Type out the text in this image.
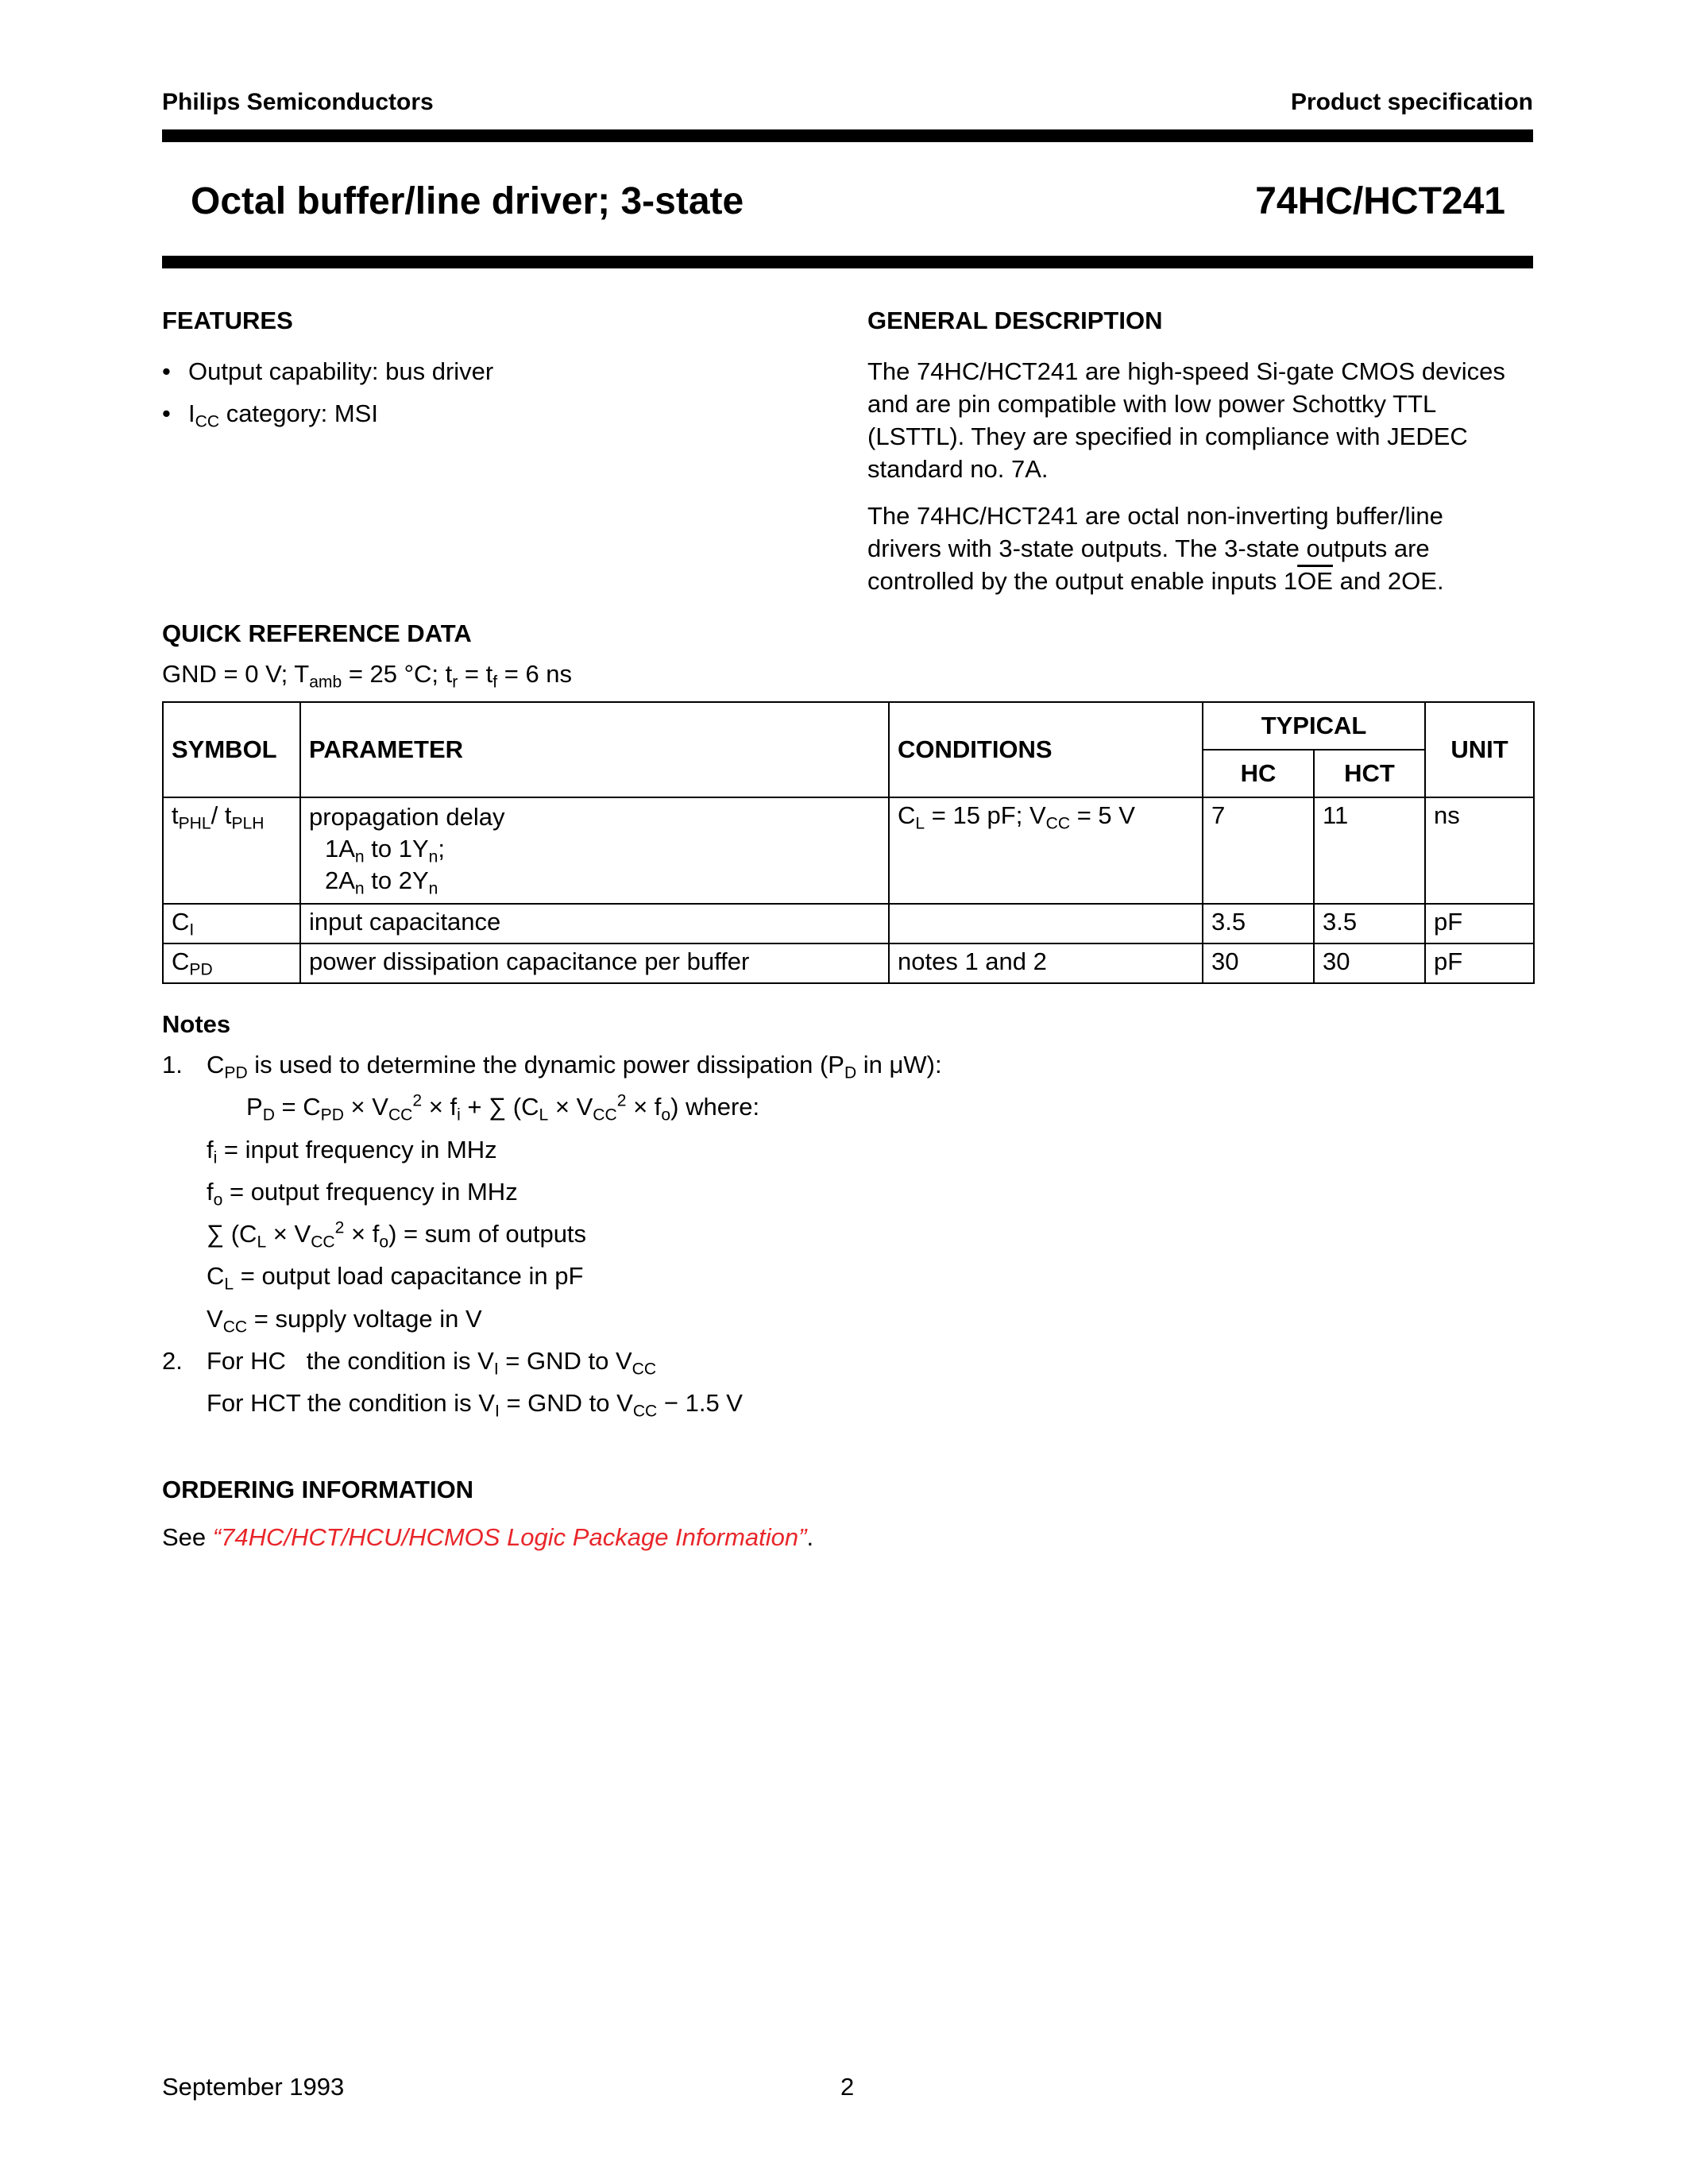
Philips Semiconductors	Product specification
Octal buffer/line driver; 3-state	74HC/HCT241
FEATURES
• Output capability: bus driver
• $I_{CC}$ category: MSI
GENERAL DESCRIPTION
The 74HC/HCT241 are high-speed Si-gate CMOS devices
and are pin compatible with low power Schottky TTL
(LSTTL). They are specified in compliance with JEDEC
standard no. 7A.
The 74HC/HCT241 are octal non-inverting buffer/line
drivers with 3-state outputs. The 3-state outputs are
controlled by the output enable inputs $1\overline{OE}$ and 2OE.
QUICK REFERENCE DATA
GND = 0 V; $T_{amb} = 25$ °C; $t_r = t_f = 6$ ns
SYMBOL	PARAMETER	CONDITIONS	TYPICAL		UNIT
			HC	HCT	
$t_{PHL}/$ $t_{PLH}$	propagation delay
$1A_n$ to $1Y_n$;
$2A_n$ to $2Y_n$	$C_L = 15$ pF; $V_{CC} = 5$ V	7	11	ns
$C_I$	input capacitance		3.5	3.5	pF
$C_{PD}$	power dissipation capacitance per buffer	notes 1 and 2	30	30	pF
Notes
1. $C_{PD}$ is used to determine the dynamic power dissipation ($P_D$ in μW):
$P_D = C_{PD} \times V_{CC}^2 \times f_i$ + ∑ $(C_L \times V_{CC}^2 \times f_o)$ where:
$f_i$ = input frequency in MHz
$f_o$ = output frequency in MHz
∑ $(C_L \times V_{CC}^2 \times f_o)$ = sum of outputs
$C_L$ = output load capacitance in pF
$V_{CC}$ = supply voltage in V
2. For HC   the condition is $V_I$ = GND to $V_{CC}$
For HCT the condition is $V_I$ = GND to $V_{CC} - 1.5$ V
ORDERING INFORMATION
See “74HC/HCT/HCU/HCMOS Logic Package Information”.
September 1993	2
